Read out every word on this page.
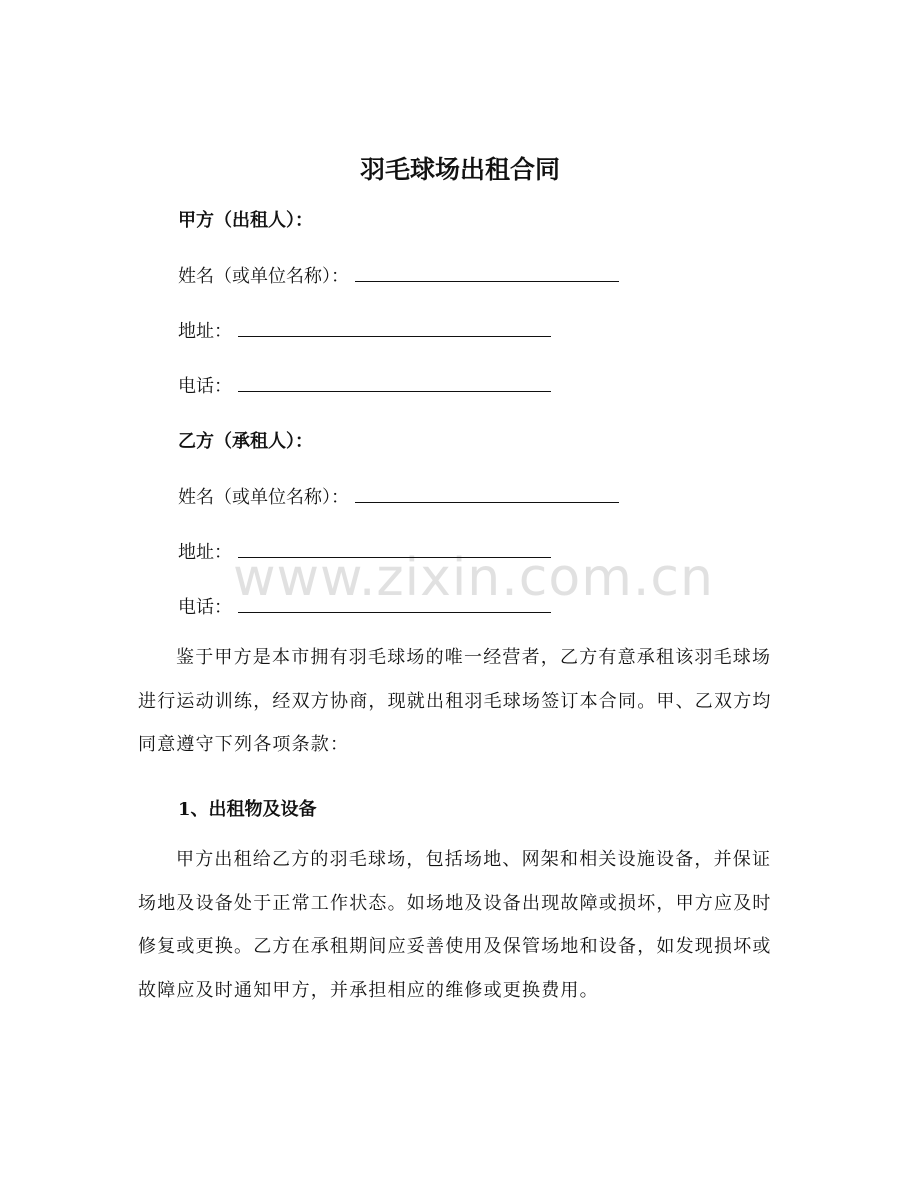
www.zixin.com.cn
羽毛球场出租合同
甲方（出租人）：
姓名（或单位名称）：
地址：
电话：
乙方（承租人）：
姓名（或单位名称）：
地址：
电话：
鉴于甲方是本市拥有羽毛球场的唯一经营者，乙方有意承租该羽毛球场进行运动训练，经双方协商，现就出租羽毛球场签订本合同。甲、乙双方均同意遵守下列各项条款：
1、出租物及设备
甲方出租给乙方的羽毛球场，包括场地、网架和相关设施设备，并保证场地及设备处于正常工作状态。如场地及设备出现故障或损坏，甲方应及时修复或更换。乙方在承租期间应妥善使用及保管场地和设备，如发现损坏或故障应及时通知甲方，并承担相应的维修或更换费用。
